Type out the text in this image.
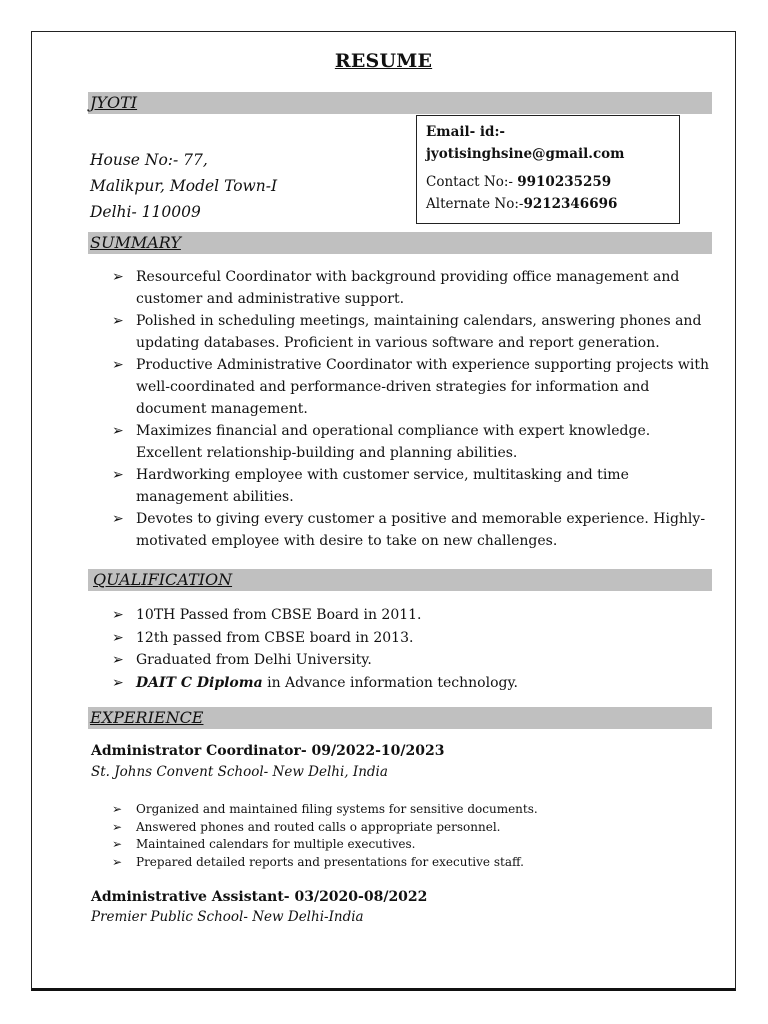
RESUME
JYOTI
House No:- 77,
Malikpur, Model Town-I
Delhi- 110009
Email- id:-
jyotisinghsine@gmail.com
Contact No:- 9910235259
Alternate No:-9212346696
SUMMARY
➢ Resourceful Coordinator with background providing office management and
customer and administrative support.
➢ Polished in scheduling meetings, maintaining calendars, answering phones and
updating databases. Proficient in various software and report generation.
➢ Productive Administrative Coordinator with experience supporting projects with
well-coordinated and performance-driven strategies for information and
document management.
➢ Maximizes financial and operational compliance with expert knowledge.
Excellent relationship-building and planning abilities.
➢ Hardworking employee with customer service, multitasking and time
management abilities.
➢ Devotes to giving every customer a positive and memorable experience. Highly-
motivated employee with desire to take on new challenges.
QUALIFICATION
➢ 10TH Passed from CBSE Board in 2011.
➢ 12th passed from CBSE board in 2013.
➢ Graduated from Delhi University.
➢ DAIT C Diploma in Advance information technology.
EXPERIENCE
Administrator Coordinator- 09/2022-10/2023
St. Johns Convent School- New Delhi, India
➢ Organized and maintained filing systems for sensitive documents.
➢ Answered phones and routed calls o appropriate personnel.
➢ Maintained calendars for multiple executives.
➢ Prepared detailed reports and presentations for executive staff.
Administrative Assistant- 03/2020-08/2022
Premier Public School- New Delhi-India
